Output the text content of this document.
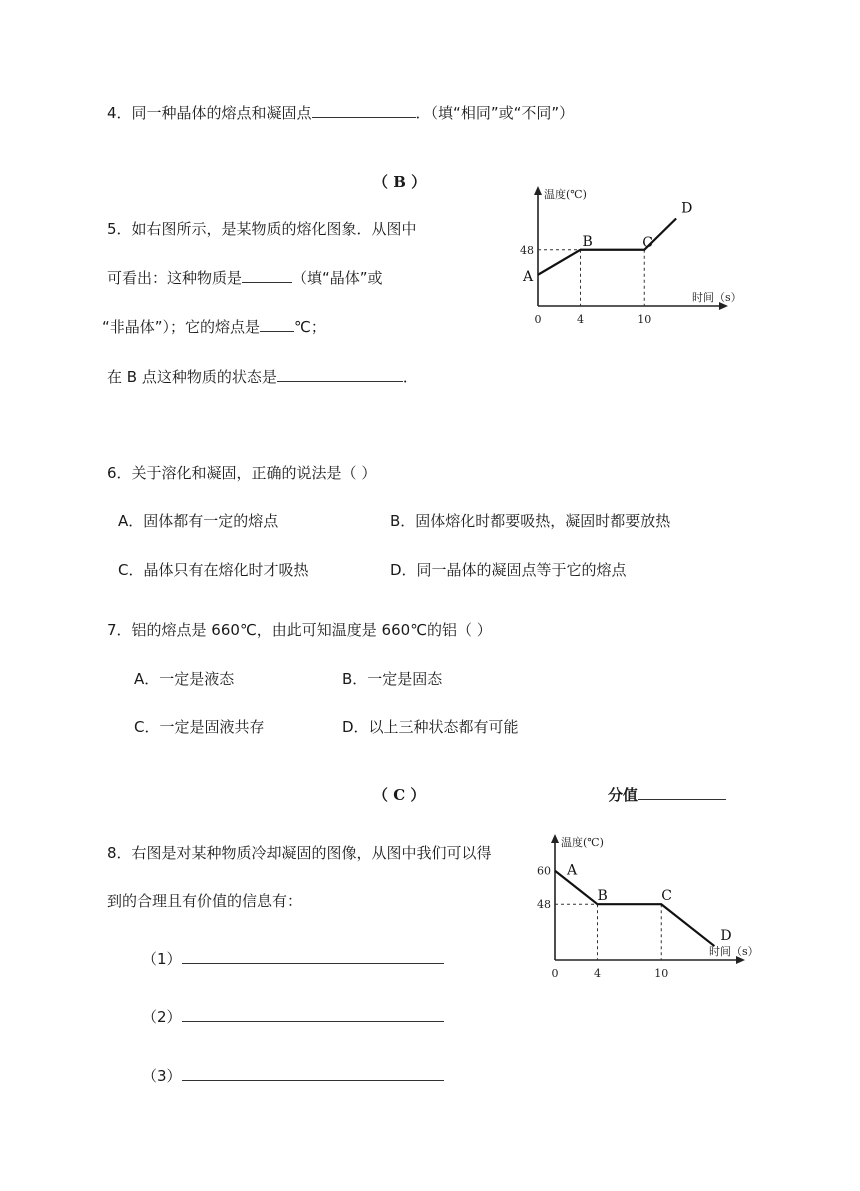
4．同一种晶体的熔点和凝固点	．（填“相同”或“不同”）
（ B ）
5．如右图所示，是某物质的熔化图象．从图中
可看出：这种物质是	（填“晶体”或
“非晶体”）；它的熔点是 ℃；
在 B 点这种物质的状态是	．
温度(℃)
时间（s）
0	4	10
48
A
B	C
D
6．关于溶化和凝固，正确的说法是（ ）
A．固体都有一定的熔点	B．固体熔化时都要吸热，凝固时都要放热
C．晶体只有在熔化时才吸热	D．同一晶体的凝固点等于它的熔点
7．铝的熔点是 660℃，由此可知温度是 660℃的铝（ ）
A．一定是液态	B．一定是固态
C．一定是固液共存	D．以上三种状态都有可能
（ C ）	分值
8．右图是对某种物质冷却凝固的图像，从图中我们可以得
到的合理且有价值的信息有：
（1）
（2）
（3）
温度(℃)
时间（s）
0	4	10
60
48
A
B	C
D
